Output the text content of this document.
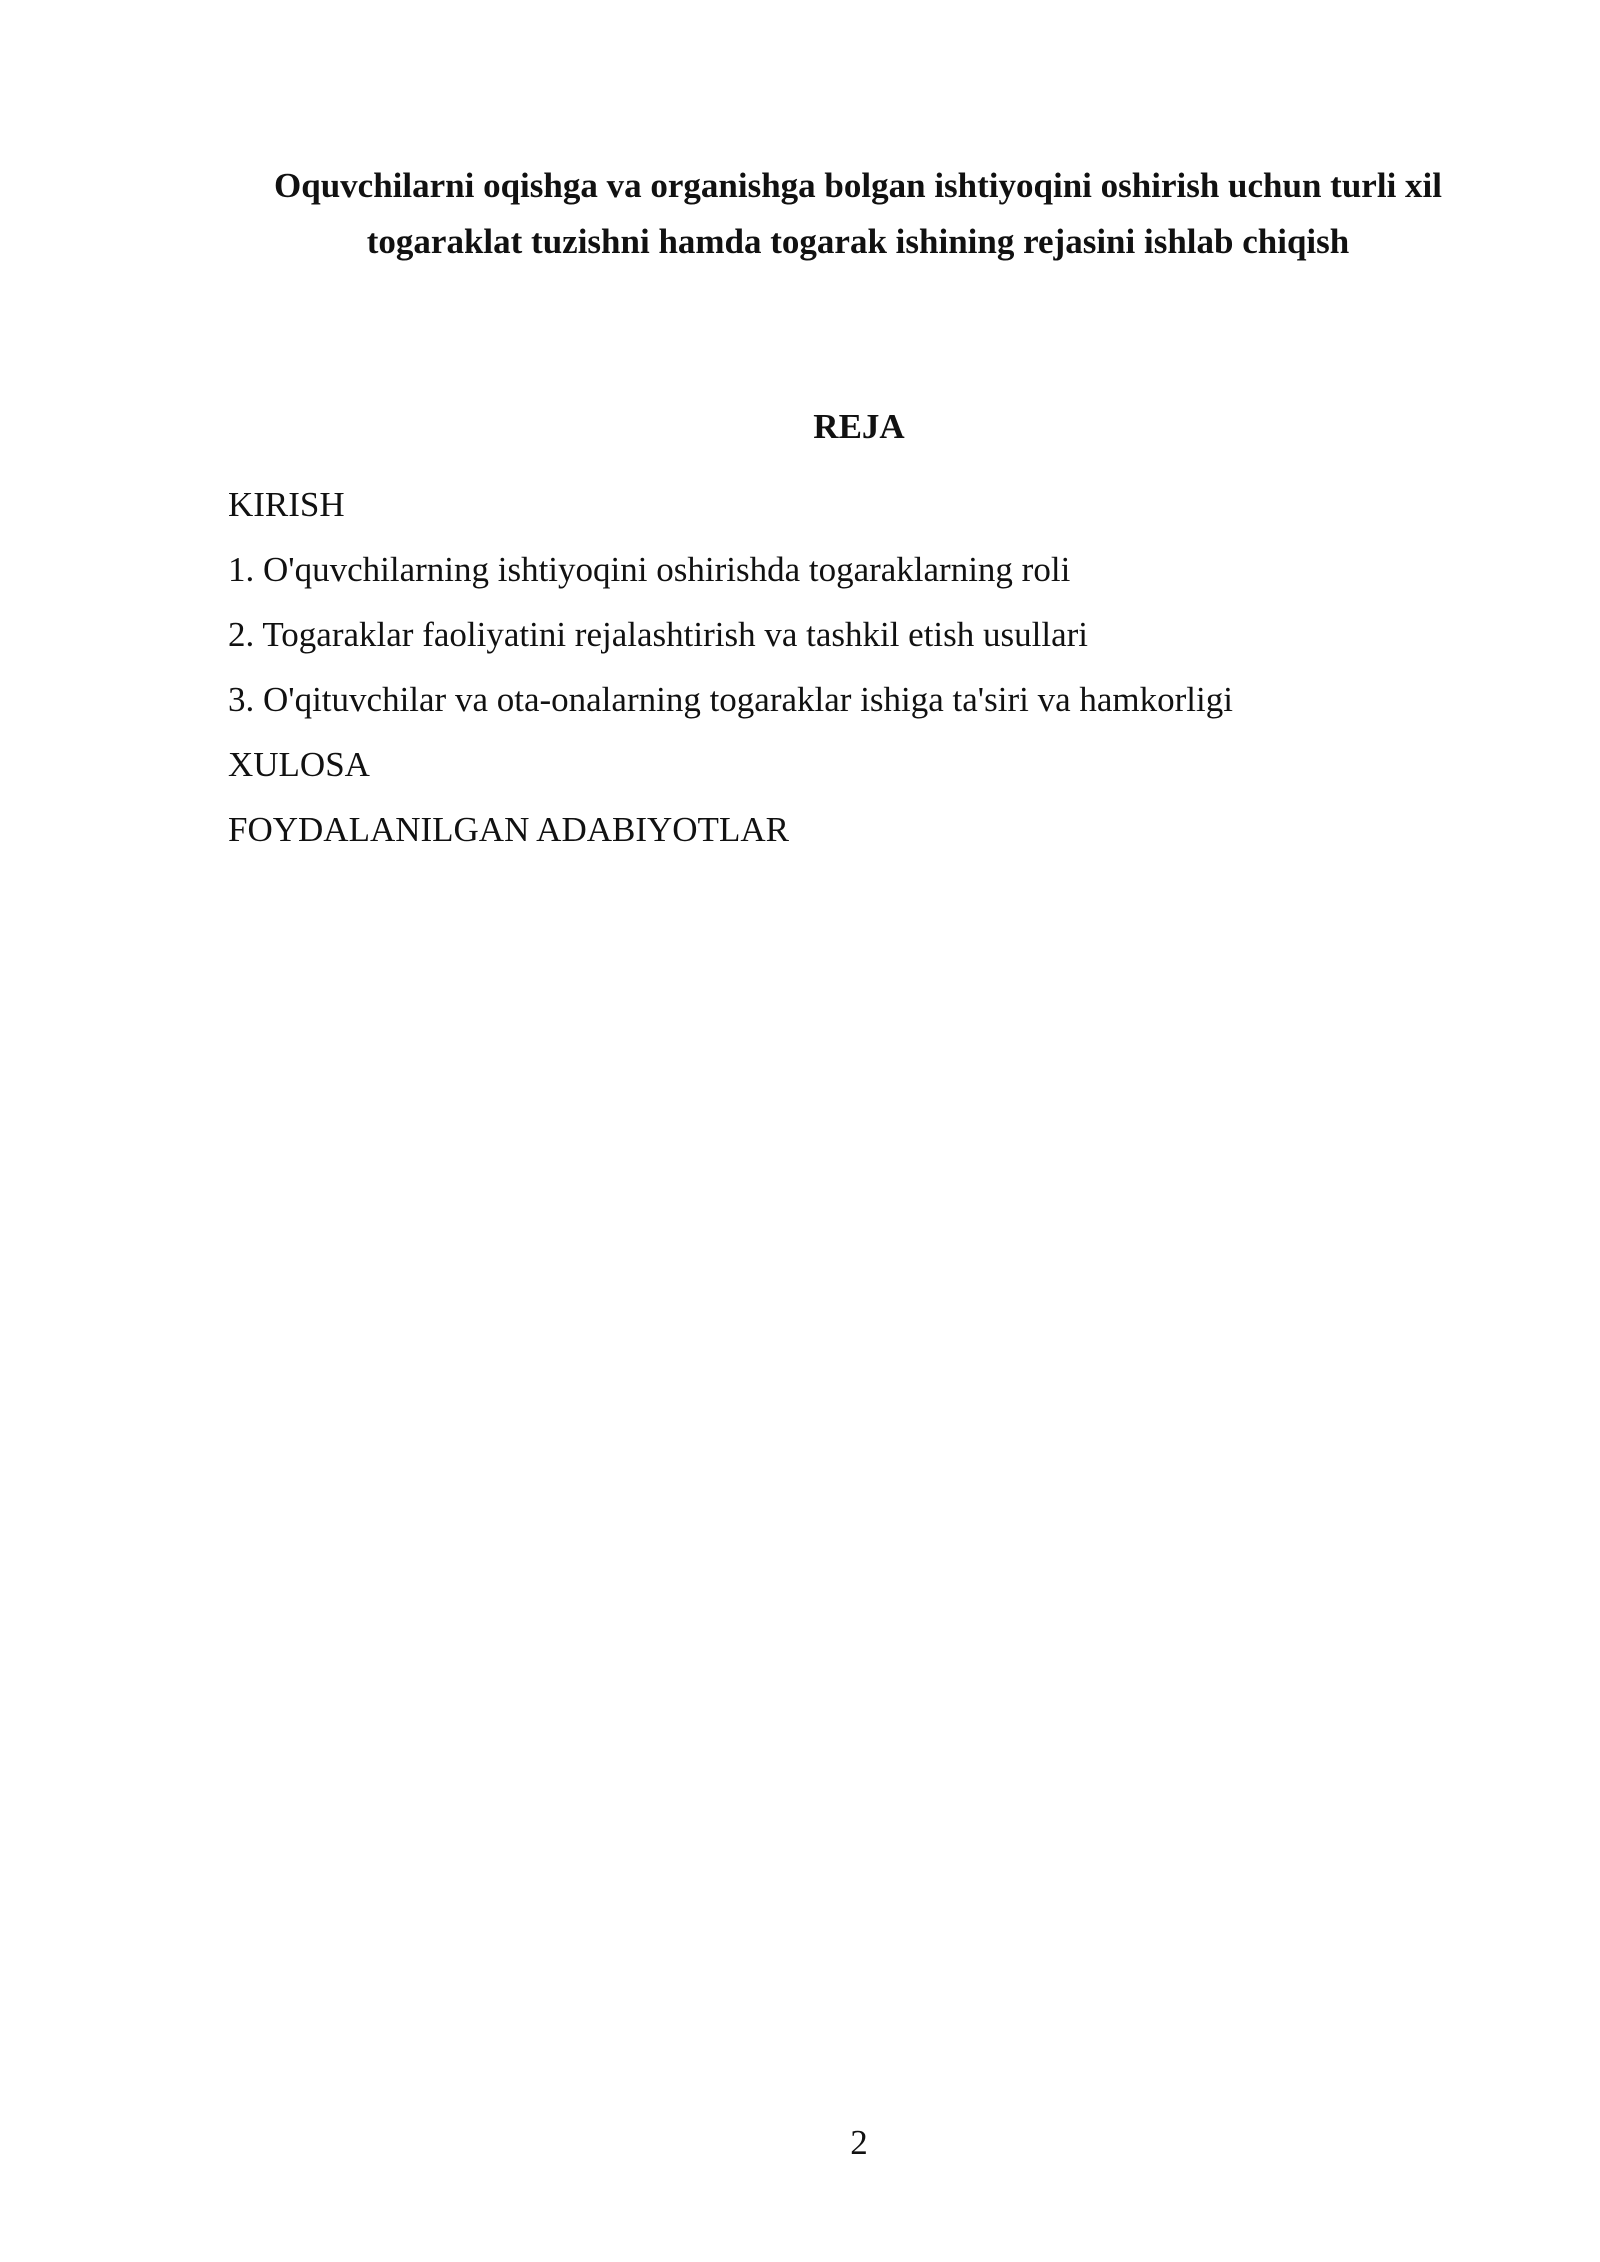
Oquvchilarni oqishga va organishga bolgan ishtiyoqini oshirish uchun turli xil
togaraklat tuzishni hamda togarak ishining rejasini ishlab chiqish
REJA
KIRISH
1. O'quvchilarning ishtiyoqini oshirishda togaraklarning roli
2. Togaraklar faoliyatini rejalashtirish va tashkil etish usullari
3. O'qituvchilar va ota-onalarning togaraklar ishiga ta'siri va hamkorligi
XULOSA
FOYDALANILGAN ADABIYOTLAR
2
